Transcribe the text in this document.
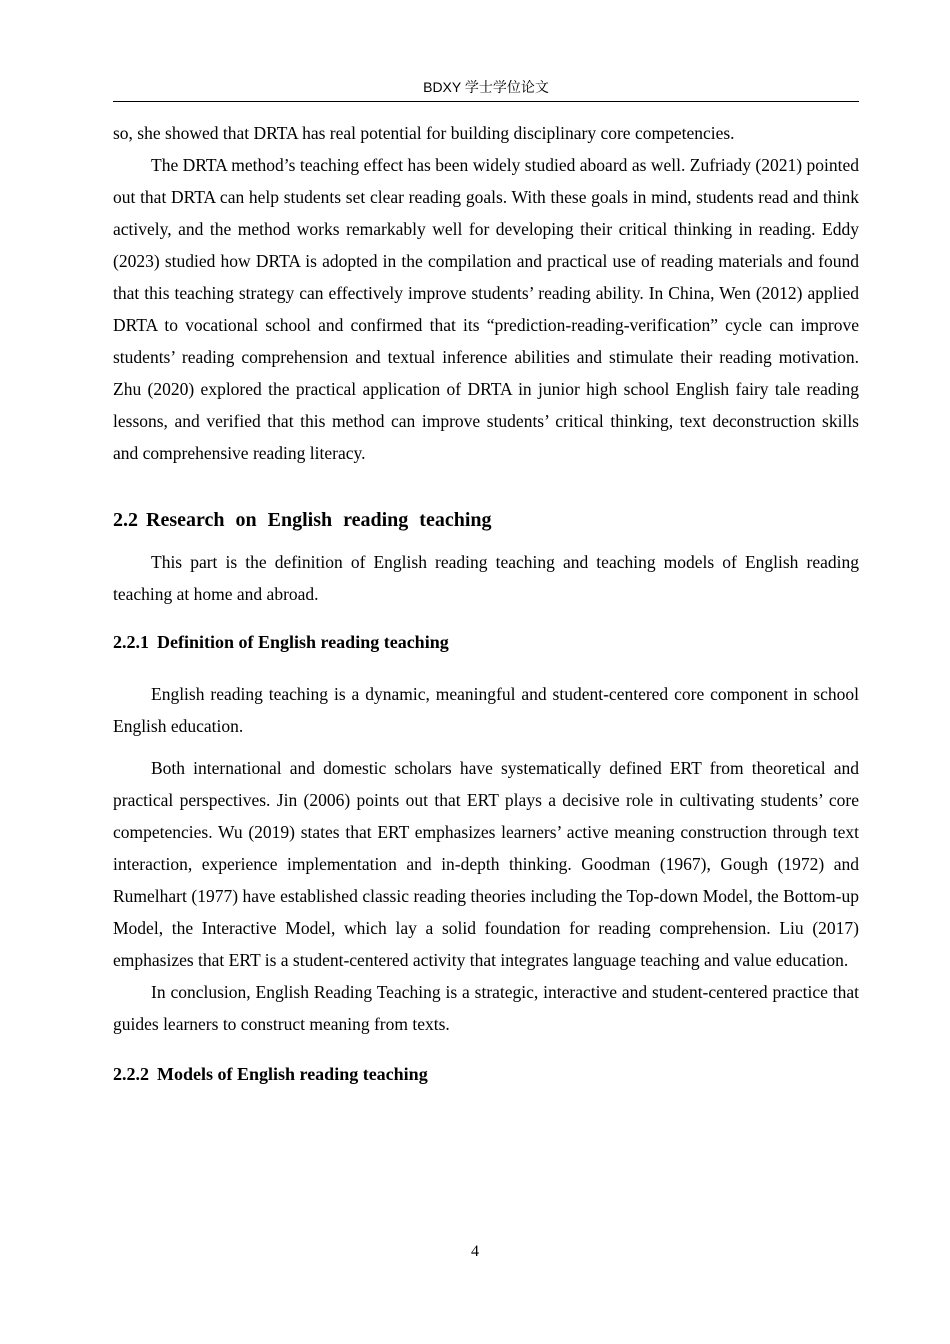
BDXY 学士学位论文

so, she showed that DRTA has real potential for building disciplinary core competencies.

The DRTA method’s teaching effect has been widely studied aboard as well. Zufriady (2021) pointed out that DRTA can help students set clear reading goals. With these goals in mind, students read and think actively, and the method works remarkably well for developing their critical thinking in reading. Eddy (2023) studied how DRTA is adopted in the compilation and practical use of reading materials and found that this teaching strategy can effectively improve students’ reading ability. In China, Wen (2012) applied DRTA to vocational school and confirmed that its “prediction-reading-verification” cycle can improve students’ reading comprehension and textual inference abilities and stimulate their reading motivation. Zhu (2020) explored the practical application of DRTA in junior high school English fairy tale reading lessons, and verified that this method can improve students’ critical thinking, text deconstruction skills and comprehensive reading literacy.

2.2 Research on English reading teaching

This part is the definition of English reading teaching and teaching models of English reading teaching at home and abroad.

2.2.1 Definition of English reading teaching

English reading teaching is a dynamic, meaningful and student-centered core component in school English education.

Both international and domestic scholars have systematically defined ERT from theoretical and practical perspectives. Jin (2006) points out that ERT plays a decisive role in cultivating students’ core competencies. Wu (2019) states that ERT emphasizes learners’ active meaning construction through text interaction, experience implementation and in-depth thinking. Goodman (1967), Gough (1972) and Rumelhart (1977) have established classic reading theories including the Top-down Model, the Bottom-up Model, the Interactive Model, which lay a solid foundation for reading comprehension. Liu (2017) emphasizes that ERT is a student-centered activity that integrates language teaching and value education.

In conclusion, English Reading Teaching is a strategic, interactive and student-centered practice that guides learners to construct meaning from texts.

2.2.2 Models of English reading teaching
4
